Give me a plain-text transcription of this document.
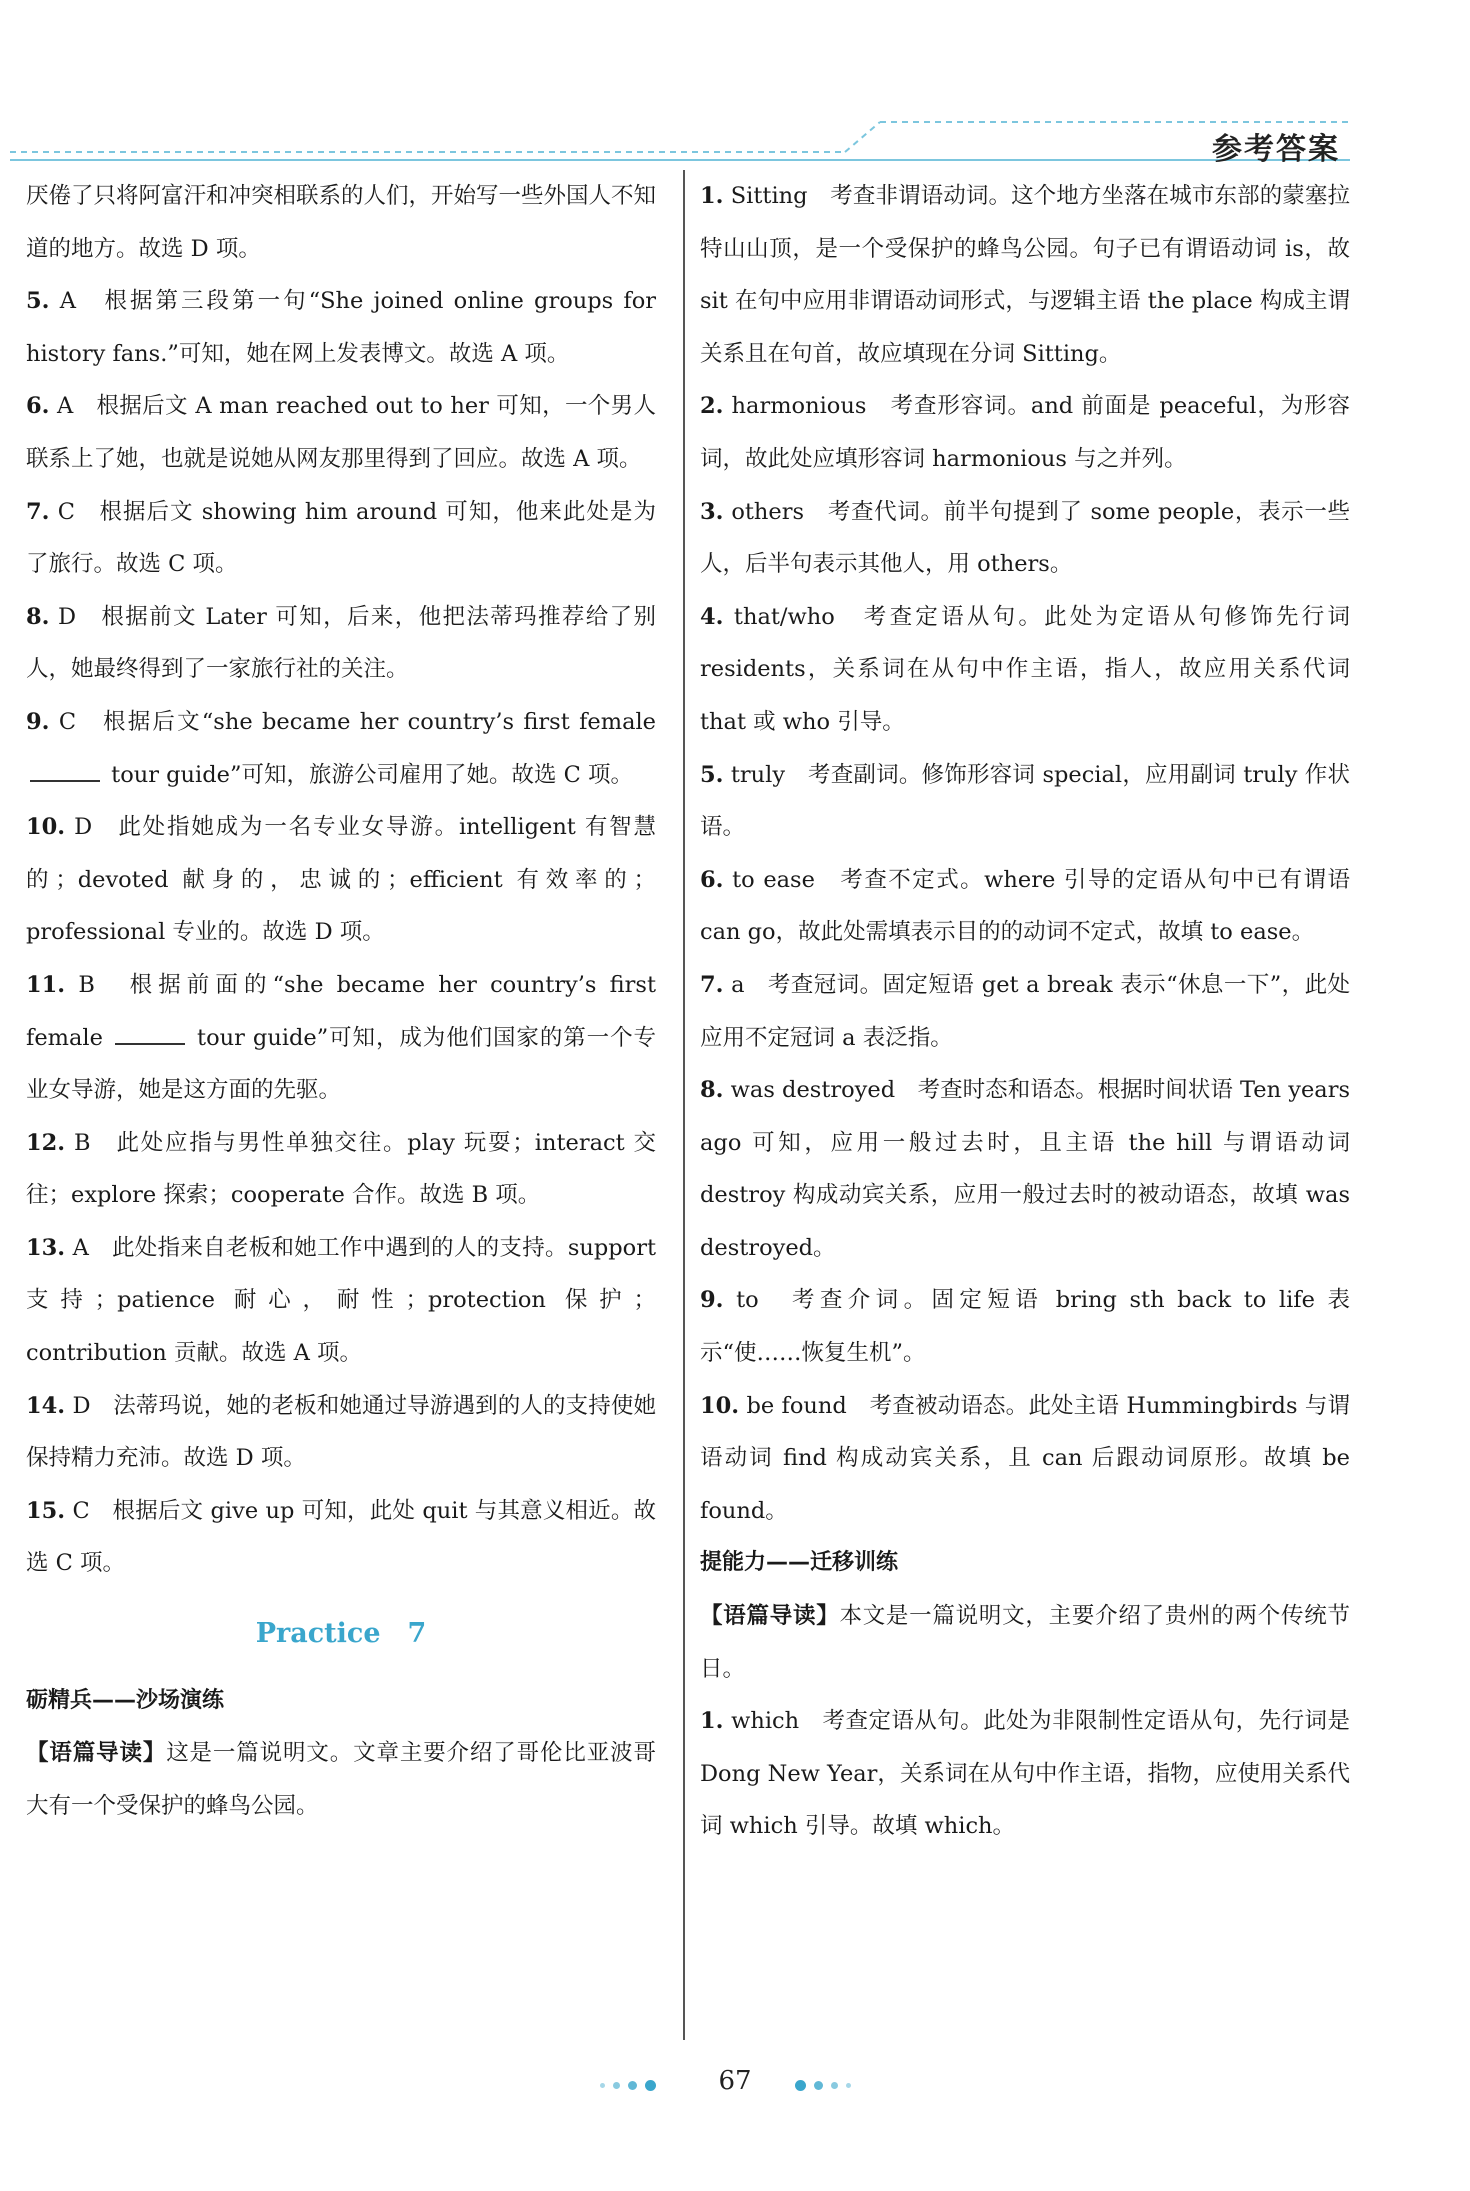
参考答案

厌倦了只将阿富汗和冲突相联系的人们，开始写一些外国人不知道的地方。故选 D 项。

5. A　根据第三段第一句“She joined online groups for history fans.”可知，她在网上发表博文。故选 A 项。

6. A　根据后文 A man reached out to her 可知，一个男人联系上了她，也就是说她从网友那里得到了回应。故选 A 项。

7. C　根据后文 showing him around 可知，他来此处是为了旅行。故选 C 项。

8. D　根据前文 Later 可知，后来，他把法蒂玛推荐给了别人，她最终得到了一家旅行社的关注。

9. C　根据后文“she became her country’s first female  tour guide”可知，旅游公司雇用了她。故选 C 项。

10. D　此处指她成为一名专业女导游。intelligent 有智慧的；devoted 献身的，忠诚的；efficient 有效率的；professional 专业的。故选 D 项。

11. B　根据前面的“she became her country’s first female	tour guide”可知，成为他们国家的第一个专业女导游，她是这方面的先驱。

12. B　此处应指与男性单独交往。play 玩耍；interact 交往；explore 探索；cooperate 合作。故选 B 项。

13. A　此处指来自老板和她工作中遇到的人的支持。support 支持；patience 耐心，耐性；protection 保护；contribution 贡献。故选 A 项。

14. D　法蒂玛说，她的老板和她通过导游遇到的人的支持使她保持精力充沛。故选 D 项。

15. C　根据后文 give up 可知，此处 quit 与其意义相近。故选 C 项。

Practice　7

砺精兵——沙场演练

【语篇导读】这是一篇说明文。文章主要介绍了哥伦比亚波哥大有一个受保护的蜂鸟公园。

1. Sitting　考查非谓语动词。这个地方坐落在城市东部的蒙塞拉特山山顶，是一个受保护的蜂鸟公园。句子已有谓语动词 is，故 sit 在句中应用非谓语动词形式，与逻辑主语 the place 构成主谓关系且在句首，故应填现在分词 Sitting。

2. harmonious　考查形容词。and 前面是 peaceful，为形容词，故此处应填形容词 harmonious 与之并列。

3. others　考查代词。前半句提到了 some people，表示一些人，后半句表示其他人，用 others。

4. that/who　考查定语从句。此处为定语从句修饰先行词 residents，关系词在从句中作主语，指人，故应用关系代词 that 或 who 引导。

5. truly　考查副词。修饰形容词 special，应用副词 truly 作状语。

6. to ease　考查不定式。where 引导的定语从句中已有谓语 can go，故此处需填表示目的的动词不定式，故填 to ease。

7. a　考查冠词。固定短语 get a break 表示“休息一下”，此处应用不定冠词 a 表泛指。

8. was destroyed　考查时态和语态。根据时间状语 Ten years ago 可知，应用一般过去时，且主语 the hill 与谓语动词 destroy 构成动宾关系，应用一般过去时的被动语态，故填 was destroyed。

9. to　考查介词。固定短语 bring sth back to life 表示“使……恢复生机”。

10. be found　考查被动语态。此处主语 Hummingbirds 与谓语动词 find 构成动宾关系，且 can 后跟动词原形。故填 be found。

提能力——迁移训练

【语篇导读】本文是一篇说明文，主要介绍了贵州的两个传统节日。

1. which　考查定语从句。此处为非限制性定语从句，先行词是 Dong New Year，关系词在从句中作主语，指物，应使用关系代词 which 引导。故填 which。

67
